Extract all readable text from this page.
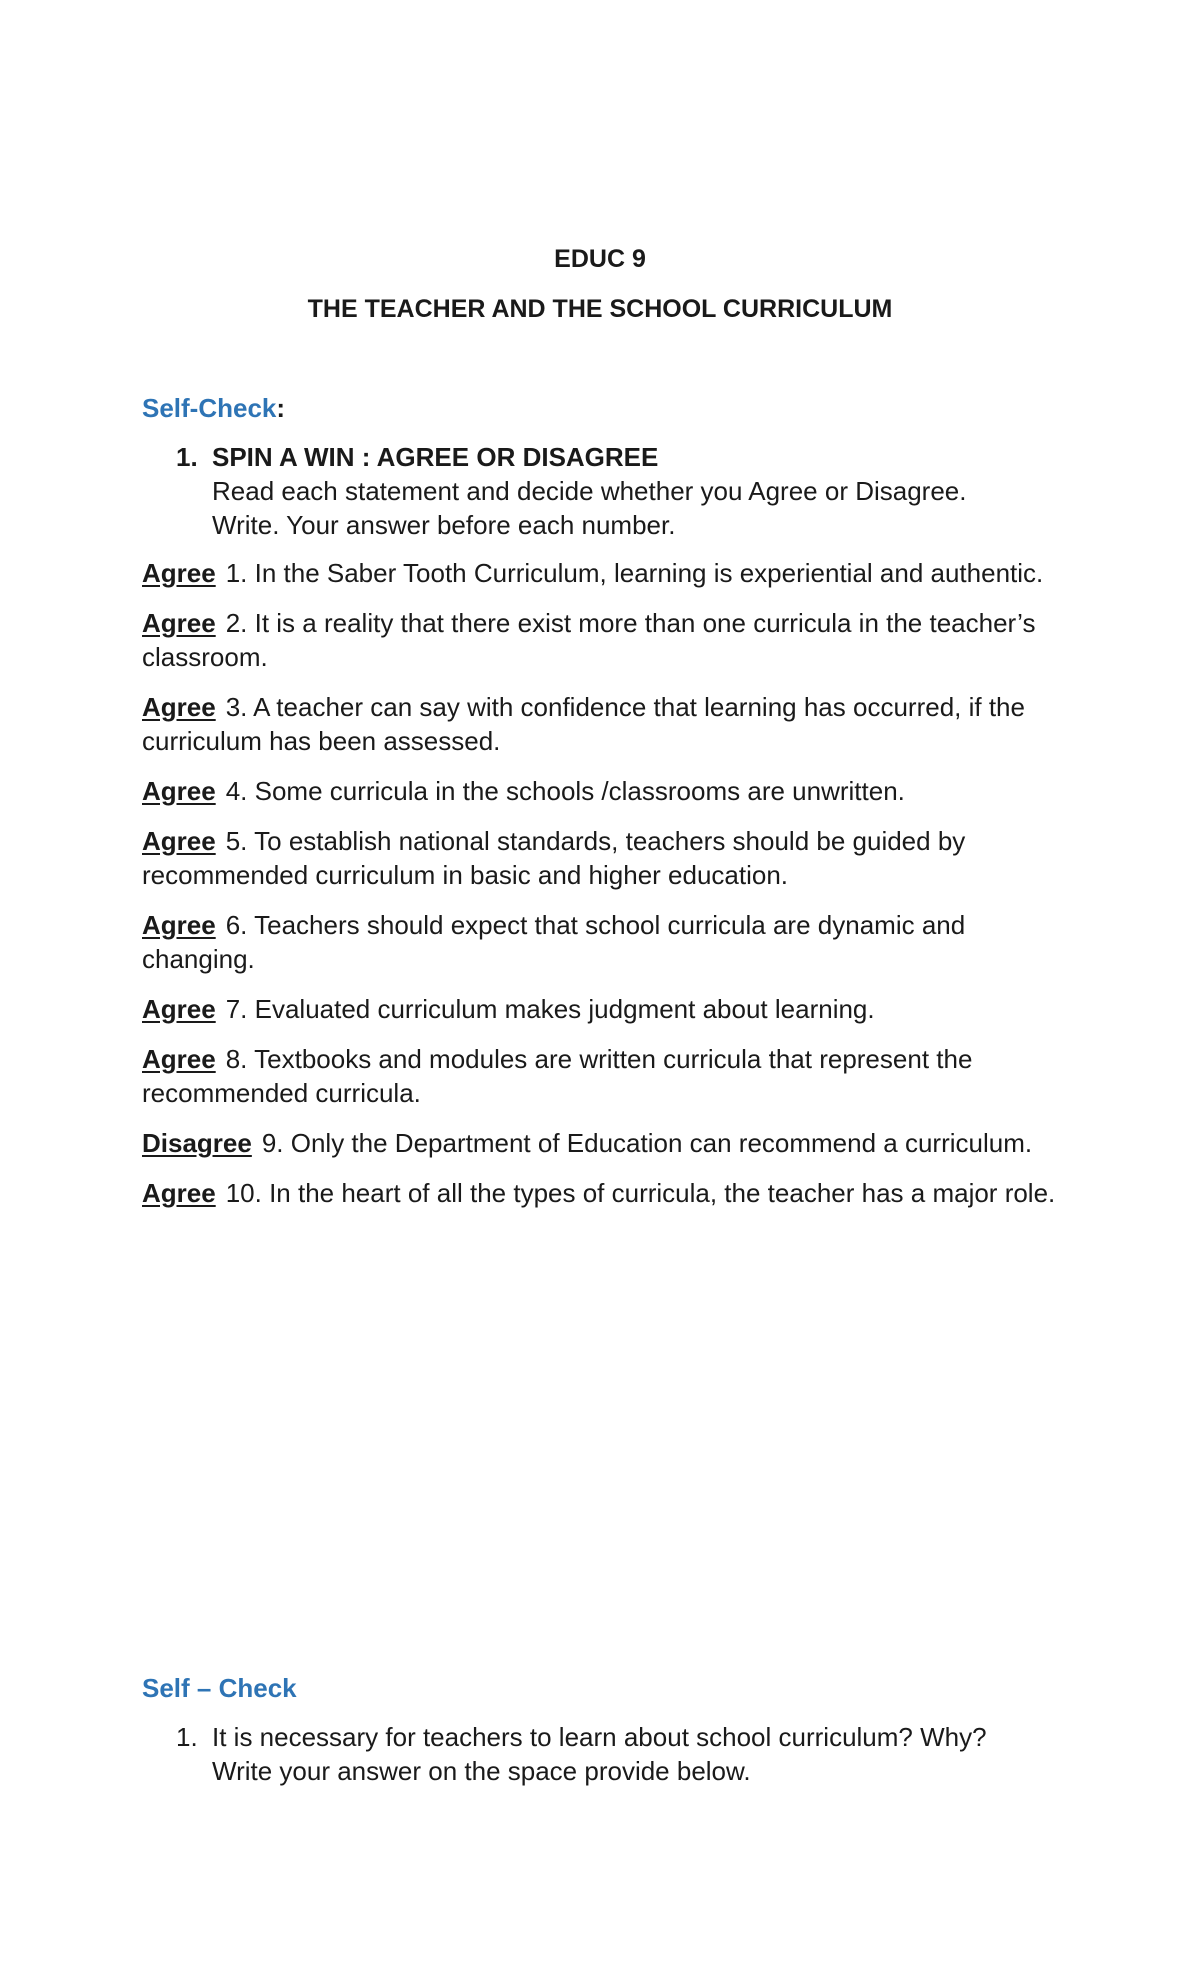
EDUC 9
THE TEACHER AND THE SCHOOL CURRICULUM
Self-Check:
1. SPIN A WIN : AGREE OR DISAGREE
Read each statement and decide whether you Agree or Disagree.
Write. Your answer before each number.

Agree 1. In the Saber Tooth Curriculum, learning is experiential and authentic.

Agree 2. It is a reality that there exist more than one curricula in the teacher’s classroom.

Agree 3. A teacher can say with confidence that learning has occurred, if the curriculum has been assessed.

Agree 4. Some curricula in the schools /classrooms are unwritten.

Agree 5. To establish national standards, teachers should be guided by recommended curriculum in basic and higher education.

Agree 6. Teachers should expect that school curricula are dynamic and changing.

Agree 7. Evaluated curriculum makes judgment about learning.

Agree 8. Textbooks and modules are written curricula that represent the recommended curricula.

Disagree 9. Only the Department of Education can recommend a curriculum.

Agree 10. In the heart of all the types of curricula, the teacher has a major role.

Self – Check
1. It is necessary for teachers to learn about school curriculum? Why?
Write your answer on the space provide below.
